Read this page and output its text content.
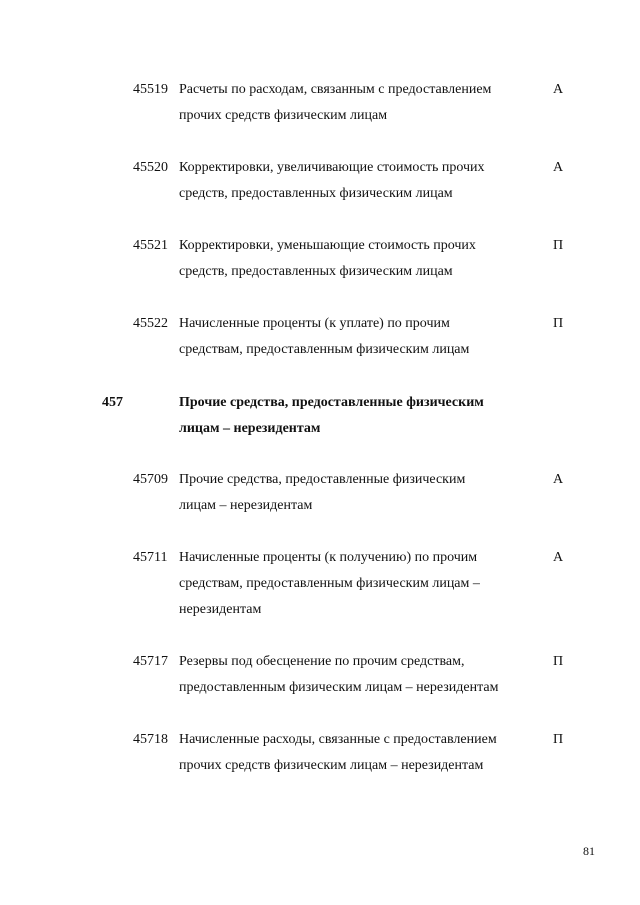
45519 Расчеты по расходам, связанным с предоставлением
прочих средств физическим лицам
А
45520 Корректировки, увеличивающие стоимость прочих
средств, предоставленных физическим лицам
А
45521 Корректировки, уменьшающие стоимость прочих
средств, предоставленных физическим лицам
П
45522 Начисленные проценты (к уплате) по прочим
средствам, предоставленным физическим лицам
П
457	Прочие средства, предоставленные физическим
лицам – нерезидентам
45709 Прочие средства, предоставленные физическим
лицам – нерезидентам
А
45711 Начисленные проценты (к получению) по прочим
средствам, предоставленным физическим лицам –
нерезидентам
А
45717 Резервы под обесценение по прочим средствам,
предоставленным физическим лицам – нерезидентам
П
45718 Начисленные расходы, связанные с предоставлением
прочих средств физическим лицам – нерезидентам
П
81
